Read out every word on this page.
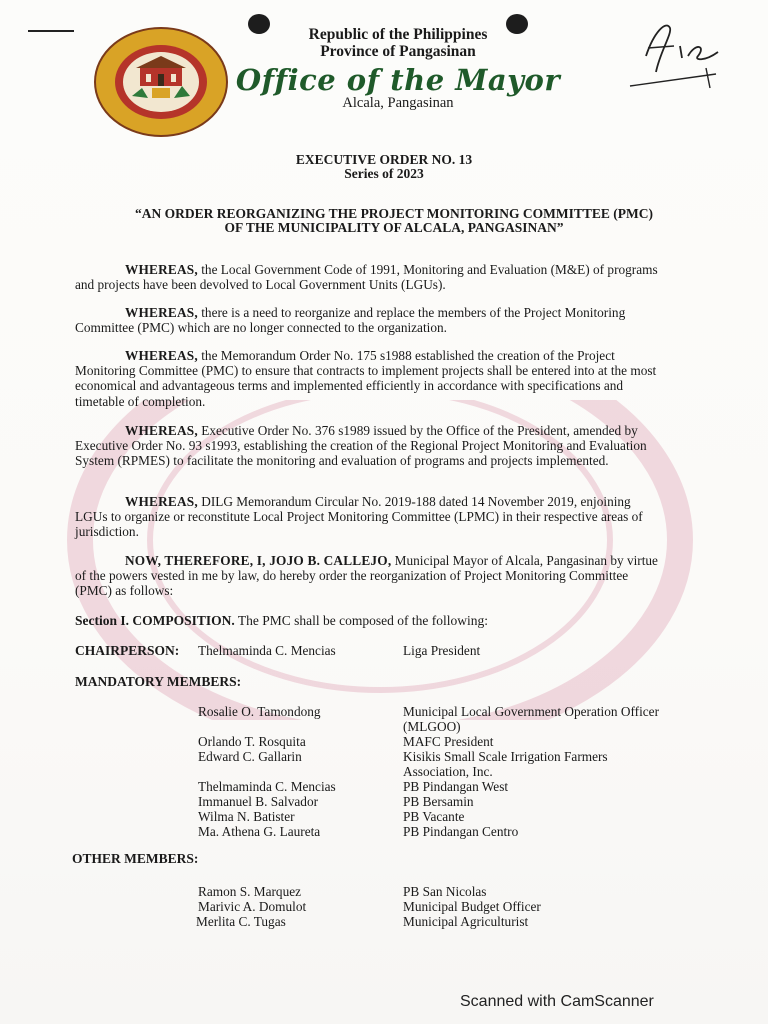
Republic of the Philippines
Province of Pangasinan
Office of the Mayor
Alcala, Pangasinan
EXECUTIVE ORDER NO. 13
Series of 2023
“AN ORDER REORGANIZING THE PROJECT MONITORING COMMITTEE (PMC)
OF THE MUNICIPALITY OF ALCALA, PANGASINAN”
WHEREAS, the Local Government Code of 1991, Monitoring and Evaluation (M&E) of programs and projects have been devolved to Local Government Units (LGUs).
WHEREAS, there is a need to reorganize and replace the members of the Project Monitoring Committee (PMC) which are no longer connected to the organization.
WHEREAS, the Memorandum Order No. 175 s1988 established the creation of the Project Monitoring Committee (PMC) to ensure that contracts to implement projects shall be entered into at the most economical and advantageous terms and implemented efficiently in accordance with specifications and timetable of completion.
WHEREAS, Executive Order No. 376 s1989 issued by the Office of the President, amended by Executive Order No. 93 s1993, establishing the creation of the Regional Project Monitoring and Evaluation System (RPMES) to facilitate the monitoring and evaluation of programs and projects implemented.
WHEREAS, DILG Memorandum Circular No. 2019-188 dated 14 November 2019, enjoining LGUs to organize or reconstitute Local Project Monitoring Committee (LPMC) in their respective areas of jurisdiction.
NOW, THEREFORE, I, JOJO B. CALLEJO, Municipal Mayor of Alcala, Pangasinan by virtue of the powers vested in me by law, do hereby order the reorganization of Project Monitoring Committee (PMC) as follows:
Section I. COMPOSITION. The PMC shall be composed of the following:
CHAIRPERSON: Thelmaminda C. Mencias	Liga President
MANDATORY MEMBERS:
Rosalie O. Tamondong	Municipal Local Government Operation Officer (MLGOO)
Orlando T. Rosquita	MAFC President
Edward C. Gallarin	Kisikis Small Scale Irrigation Farmers Association, Inc.
Thelmaminda C. Mencias	PB Pindangan West
Immanuel B. Salvador	PB Bersamin
Wilma N. Batister	PB Vacante
Ma. Athena G. Laureta	PB Pindangan Centro
OTHER MEMBERS:
Ramon S. Marquez	PB San Nicolas
Marivic A. Domulot	Municipal Budget Officer
Merlita C. Tugas	Municipal Agriculturist
Scanned with CamScanner
